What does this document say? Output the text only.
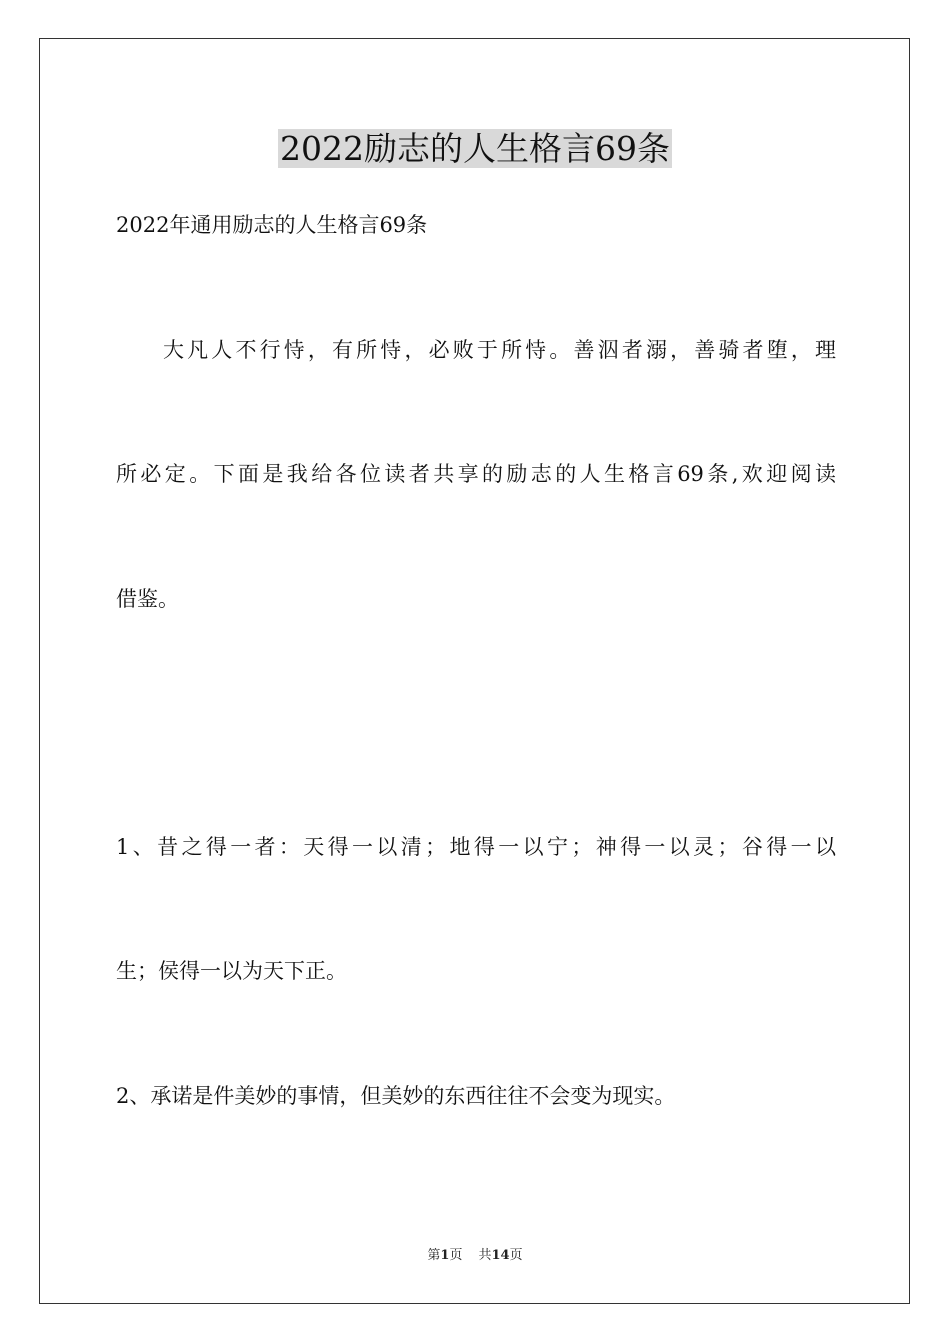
2022励志的人生格言69条

2022年通用励志的人生格言69条

大凡人不行恃，有所恃，必败于所恃。善泅者溺，善骑者堕，理

所必定。下面是我给各位读者共享的励志的人生格言69条,欢迎阅读

借鉴。

1、昔之得一者：天得一以清；地得一以宁；神得一以灵；谷得一以

生；侯得一以为天下正。

2、承诺是件美妙的事情，但美妙的东西往往不会变为现实。

第1页 共14页
